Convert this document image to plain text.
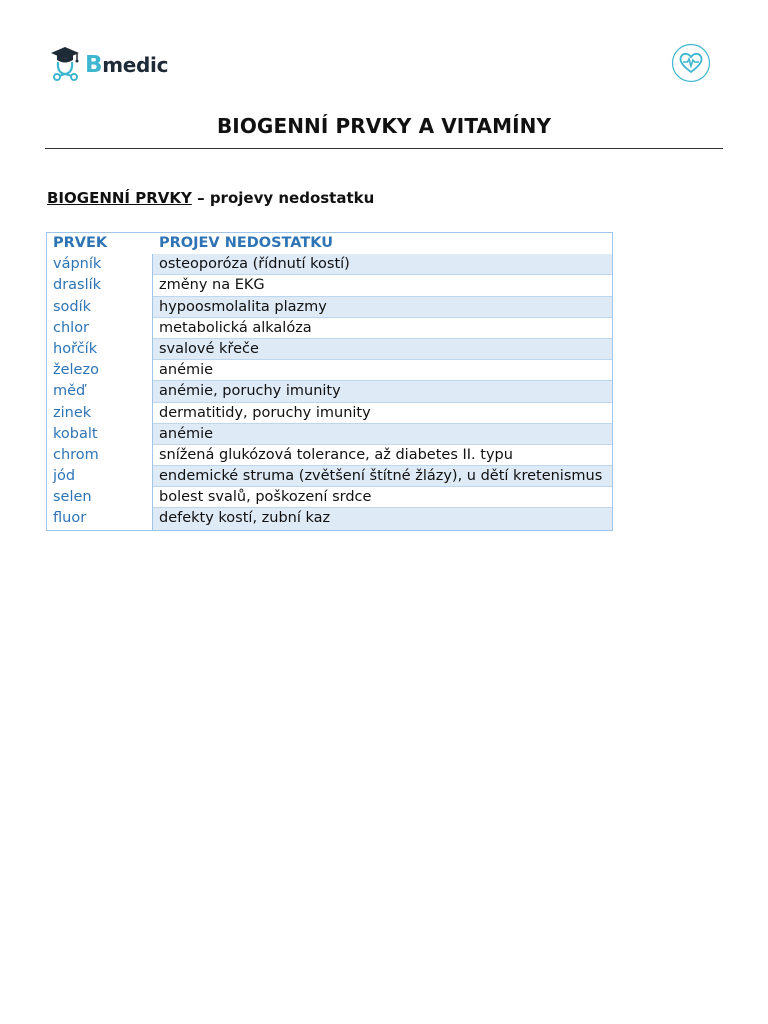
Bmedic
BIOGENNÍ PRVKY A VITAMÍNY
BIOGENNÍ PRVKY – projevy nedostatku
PRVEK	PROJEV NEDOSTATKU
vápník	osteoporóza (řídnutí kostí)
draslík	změny na EKG
sodík	hypoosmolalita plazmy
chlor	metabolická alkalóza
hořčík	svalové křeče
železo	anémie
měď	anémie, poruchy imunity
zinek	dermatitidy, poruchy imunity
kobalt	anémie
chrom	snížená glukózová tolerance, až diabetes II. typu
jód	endemické struma (zvětšení štítné žlázy), u dětí kretenismus
selen	bolest svalů, poškození srdce
fluor	defekty kostí, zubní kaz
